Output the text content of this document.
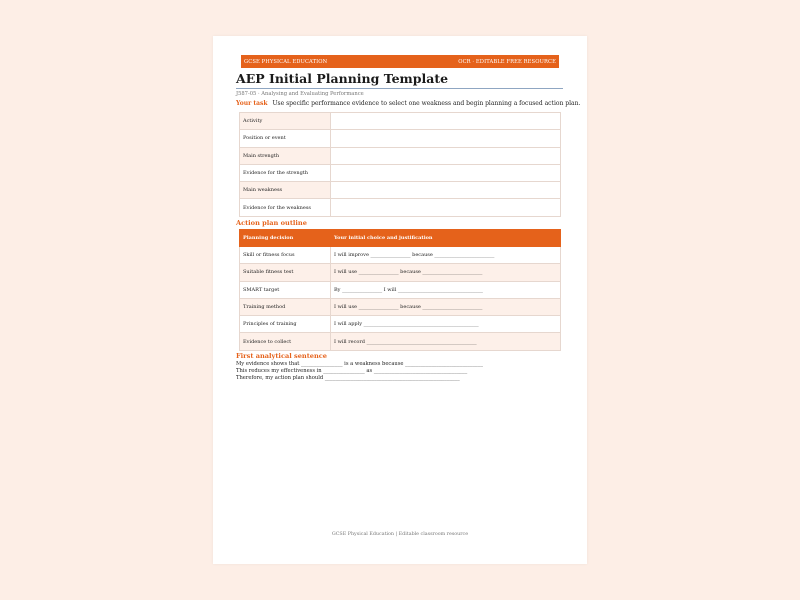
GCSE PHYSICAL EDUCATION	OCR · EDITABLE FREE RESOURCE
AEP Initial Planning Template
J587-05 · Analysing and Evaluating Performance
Your task Use specific performance evidence to select one weakness and begin planning a focused action plan.
Activity	
Position or event	
Main strength	
Evidence for the strength	
Main weakness	
Evidence for the weakness	
Action plan outline
Planning decision	Your initial choice and justification
Skill or fitness focus	I will improve ________________ because ________________________
Suitable fitness test	I will use ________________ because ________________________
SMART target	By ________________ I will __________________________________
Training method	I will use ________________ because ________________________
Principles of training	I will apply ______________________________________________
Evidence to collect	I will record ____________________________________________
First analytical sentence
My evidence shows that ________________ is a weakness because ______________________________
This reduces my effectiveness in ________________ as ____________________________________
Therefore, my action plan should ____________________________________________________
GCSE Physical Education | Editable classroom resource
